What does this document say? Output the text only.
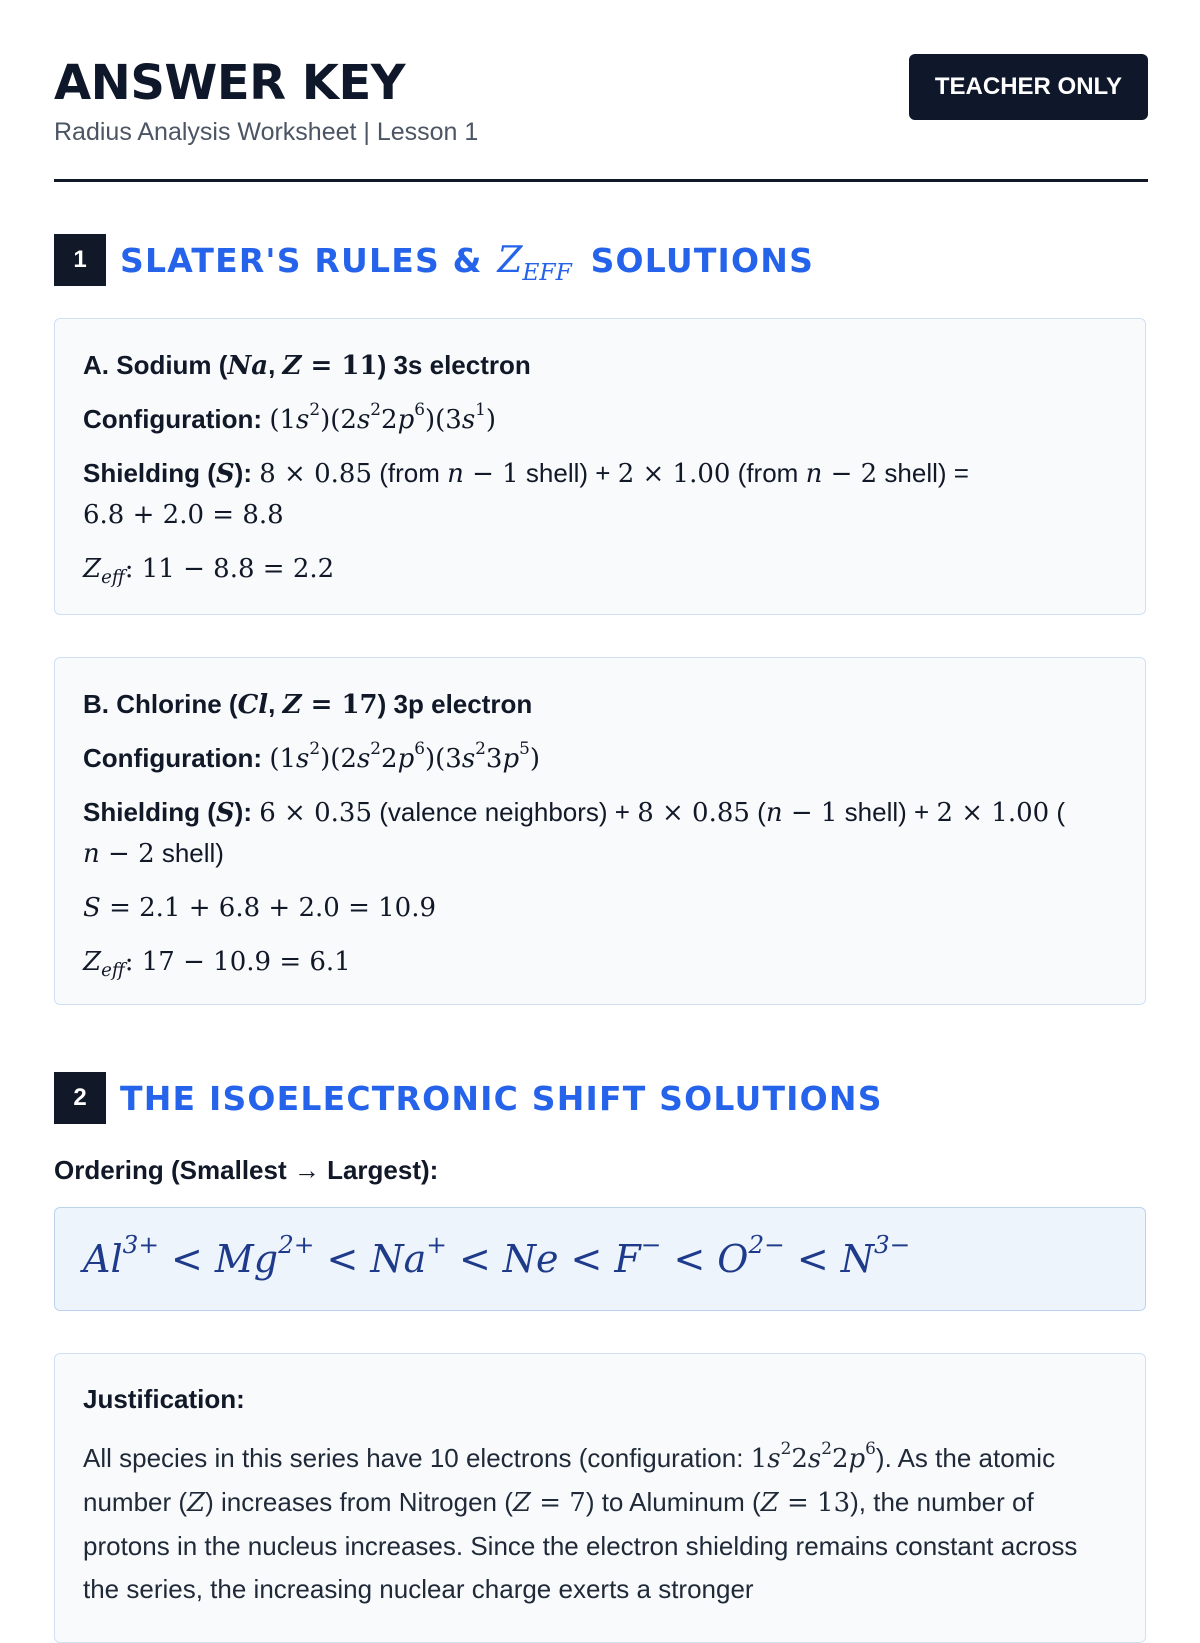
ANSWER KEY
Radius Analysis Worksheet | Lesson 1
TEACHER ONLY
1	SLATER'S RULES & $Z_{EFF}$ SOLUTIONS
A. Sodium (Na, Z = 11) 3s electron
Configuration: $(1s^2)(2s^22p^6)(3s^1)$
Shielding (S): 8 × 0.85 (from n − 1 shell) + 2 × 1.00 (from n − 2 shell) =
6.8 + 2.0 = 8.8
$Z_{eff}$: 11 − 8.8 = 2.2
B. Chlorine (Cl, Z = 17) 3p electron
Configuration: $(1s^2)(2s^22p^6)(3s^23p^5)$
Shielding (S): 6 × 0.35 (valence neighbors) + 8 × 0.85 (n − 1 shell) + 2 × 1.00 (
n − 2 shell)
S = 2.1 + 6.8 + 2.0 = 10.9
$Z_{eff}$: 17 − 10.9 = 6.1
2	THE ISOELECTRONIC SHIFT SOLUTIONS
Ordering (Smallest → Largest):
$Al^{3+} < Mg^{2+} < Na^+ < Ne < F^- < O^{2-} < N^{3-}$
Justification:
All species in this series have 10 electrons (configuration: $1s^22s^22p^6$). As the atomic number (Z) increases from Nitrogen (Z = 7) to Aluminum (Z = 13), the number of protons in the nucleus increases. Since the electron shielding remains constant across the series, the increasing nuclear charge exerts a stronger
